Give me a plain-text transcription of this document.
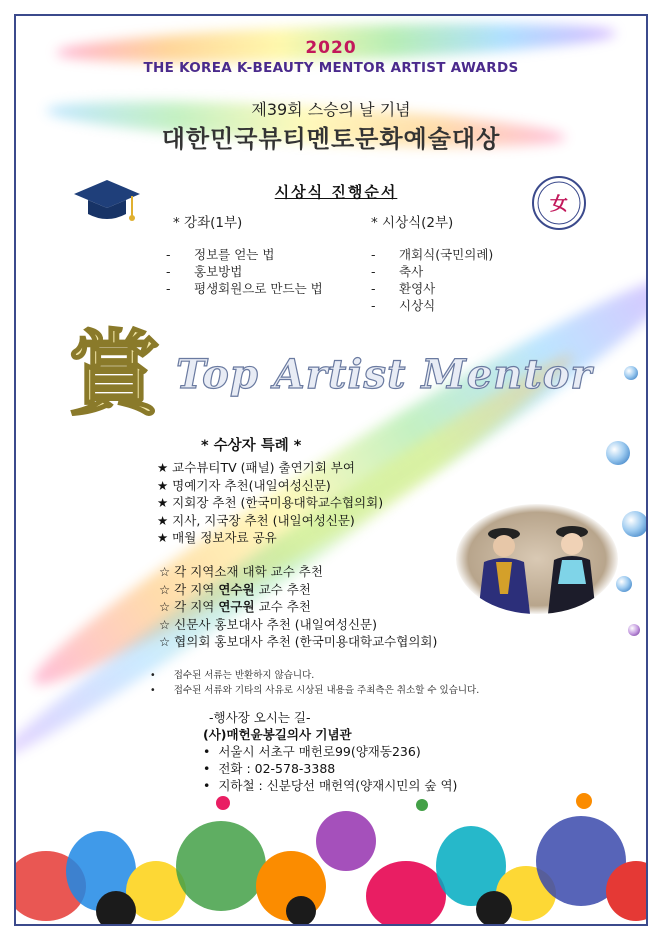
2020
THE KOREA K-BEAUTY MENTOR ARTIST AWARDS
제39회 스승의 날 기념
대한민국뷰티멘토문화예술대상
女
시상식 진행순서
* 강좌(1부)
- 정보를 얻는 법
- 홍보방법
- 평생회원으로 만드는 법
* 시상식(2부)
- 개회식(국민의례)
- 축사
- 환영사
- 시상식
賞 Top Artist Mentor
* 수상자 특례 *
★ 교수뷰티TV (패널) 출연기회 부여
★ 명예기자 추천(내일여성신문)
★ 지회장 추천 (한국미용대학교수협의회)
★ 지사, 지국장 추천 (내일여성신문)
★ 매월 정보자료 공유
☆ 각 지역소재 대학 교수 추천
☆ 각 지역 연수원 교수 추천
☆ 각 지역 연구원 교수 추천
☆ 신문사 홍보대사 추천 (내일여성신문)
☆ 협의회 홍보대사 추천 (한국미용대학교수협의회)
•      접수된 서류는 반환하지 않습니다.
•      접수된 서류와 기타의 사유로 시상된 내용을 주최측은 취소할 수 있습니다.
-행사장 오시는 길-
(사)매헌윤봉길의사 기념관
•  서울시 서초구 매헌로99(양재동236)
•  전화 : 02-578-3388
•  지하철 : 신분당선 매헌역(양재시민의 숲 역)
